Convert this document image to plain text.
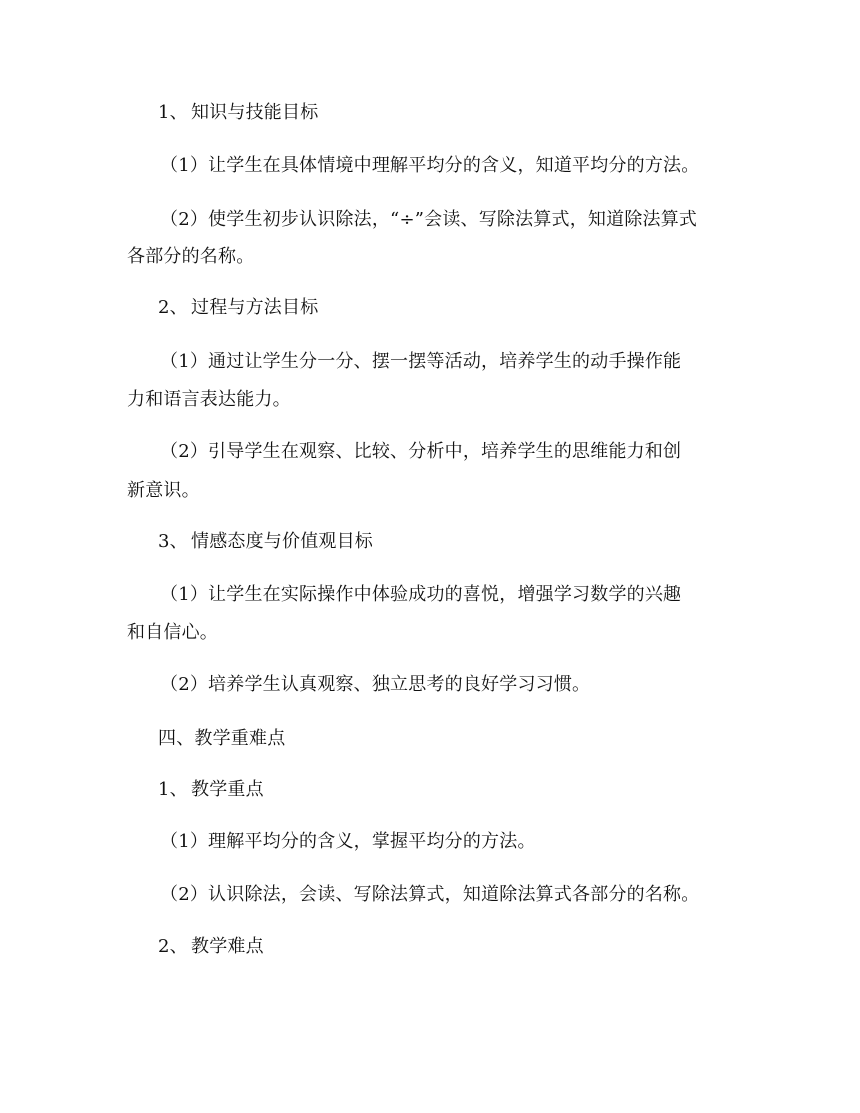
1、 知识与技能目标
（1）让学生在具体情境中理解平均分的含义，知道平均分的方法。
（2）使学生初步认识除法，“÷”会读、写除法算式，知道除法算式
各部分的名称。
2、 过程与方法目标
（1）通过让学生分一分、摆一摆等活动，培养学生的动手操作能
力和语言表达能力。
（2）引导学生在观察、比较、分析中，培养学生的思维能力和创
新意识。
3、 情感态度与价值观目标
（1）让学生在实际操作中体验成功的喜悦，增强学习数学的兴趣
和自信心。
（2）培养学生认真观察、独立思考的良好学习习惯。
四、教学重难点
1、 教学重点
（1）理解平均分的含义，掌握平均分的方法。
（2）认识除法，会读、写除法算式，知道除法算式各部分的名称。
2、 教学难点
